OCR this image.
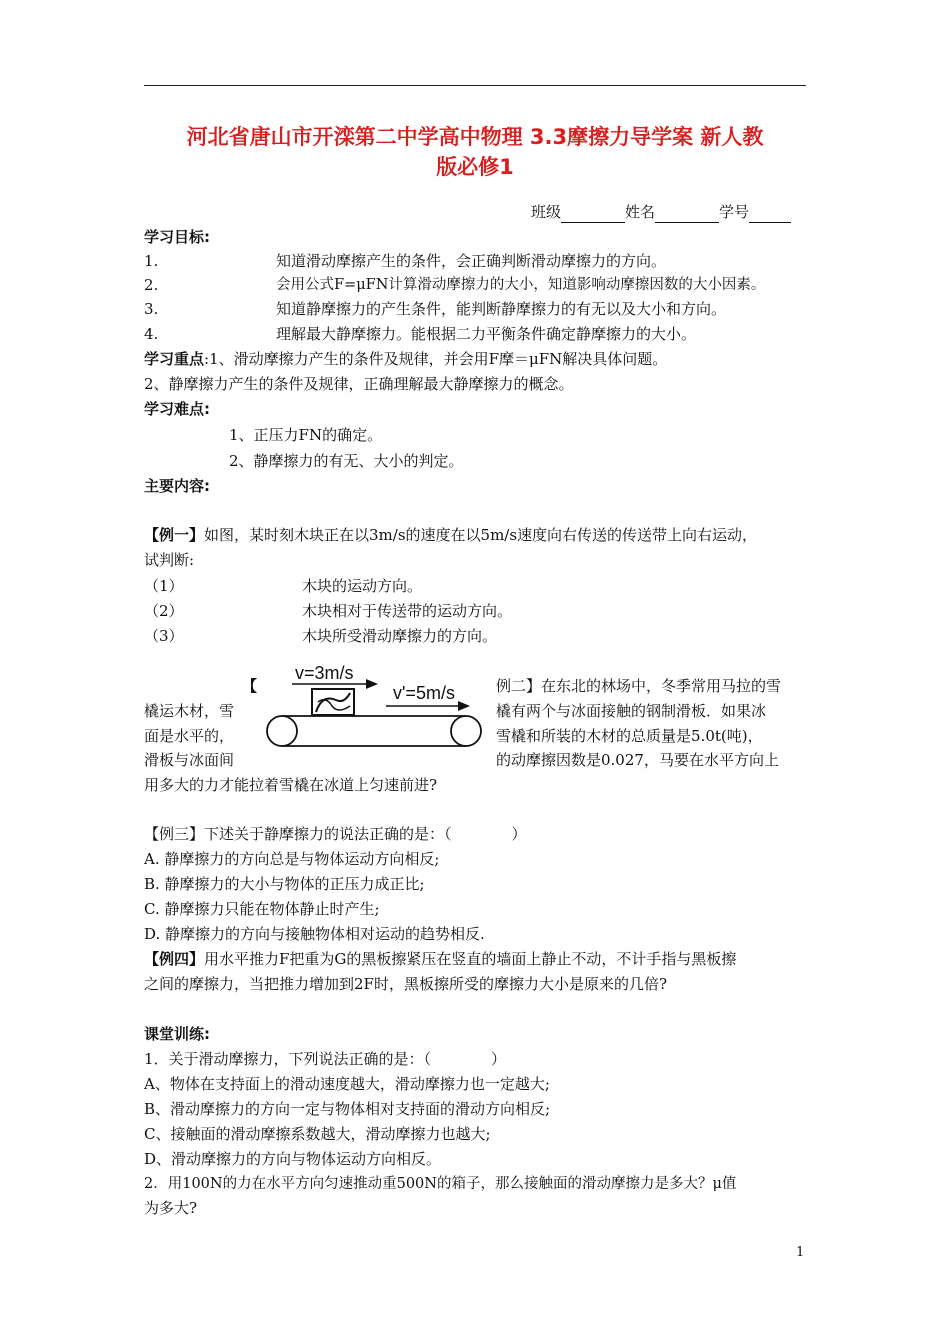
河北省唐山市开滦第二中学高中物理 3.3摩擦力导学案 新人教
版必修1
班级	姓名	学号
学习目标:
1.	知道滑动摩擦产生的条件，会正确判断滑动摩擦力的方向。
2.	会用公式F=μFN计算滑动摩擦力的大小，知道影响动摩擦因数的大小因素。
3.	知道静摩擦力的产生条件，能判断静摩擦力的有无以及大小和方向。
4.	理解最大静摩擦力。能根据二力平衡条件确定静摩擦力的大小。
学习重点:1、滑动摩擦力产生的条件及规律，并会用F摩＝μFN解决具体问题。
2、静摩擦力产生的条件及规律，正确理解最大静摩擦力的概念。
学习难点:
1、正压力FN的确定。
2、静摩擦力的有无、大小的判定。
主要内容:
【例一】如图，某时刻木块正在以3m/s的速度在以5m/s速度向右传送的传送带上向右运动，
试判断:
（1）	木块的运动方向。
（2）	木块相对于传送带的运动方向。
（3）	木块所受滑动摩擦力的方向。
v=3m/s
v'=5m/s
【	例二】在东北的林场中，冬季常用马拉的雪
橇运木材，雪	橇有两个与冰面接触的钢制滑板．如果冰
面是水平的，	雪橇和所装的木材的总质量是5.0t(吨)，
滑板与冰面间	的动摩擦因数是0.027，马要在水平方向上
用多大的力才能拉着雪橇在冰道上匀速前进?
【例三】下述关于静摩擦力的说法正确的是：（　　　　）
A. 静摩擦力的方向总是与物体运动方向相反;
B. 静摩擦力的大小与物体的正压力成正比;
C. 静摩擦力只能在物体静止时产生;
D. 静摩擦力的方向与接触物体相对运动的趋势相反.
【例四】用水平推力F把重为G的黑板擦紧压在竖直的墙面上静止不动，不计手指与黑板擦
之间的摩擦力，当把推力增加到2F时，黑板擦所受的摩擦力大小是原来的几倍?
课堂训练:
1．关于滑动摩擦力，下列说法正确的是：（　　　　）
A、物体在支持面上的滑动速度越大，滑动摩擦力也一定越大;
B、滑动摩擦力的方向一定与物体相对支持面的滑动方向相反;
C、接触面的滑动摩擦系数越大，滑动摩擦力也越大;
D、滑动摩擦力的方向与物体运动方向相反。
2．用100N的力在水平方向匀速推动重500N的箱子，那么接触面的滑动摩擦力是多大？μ值
为多大?
1
